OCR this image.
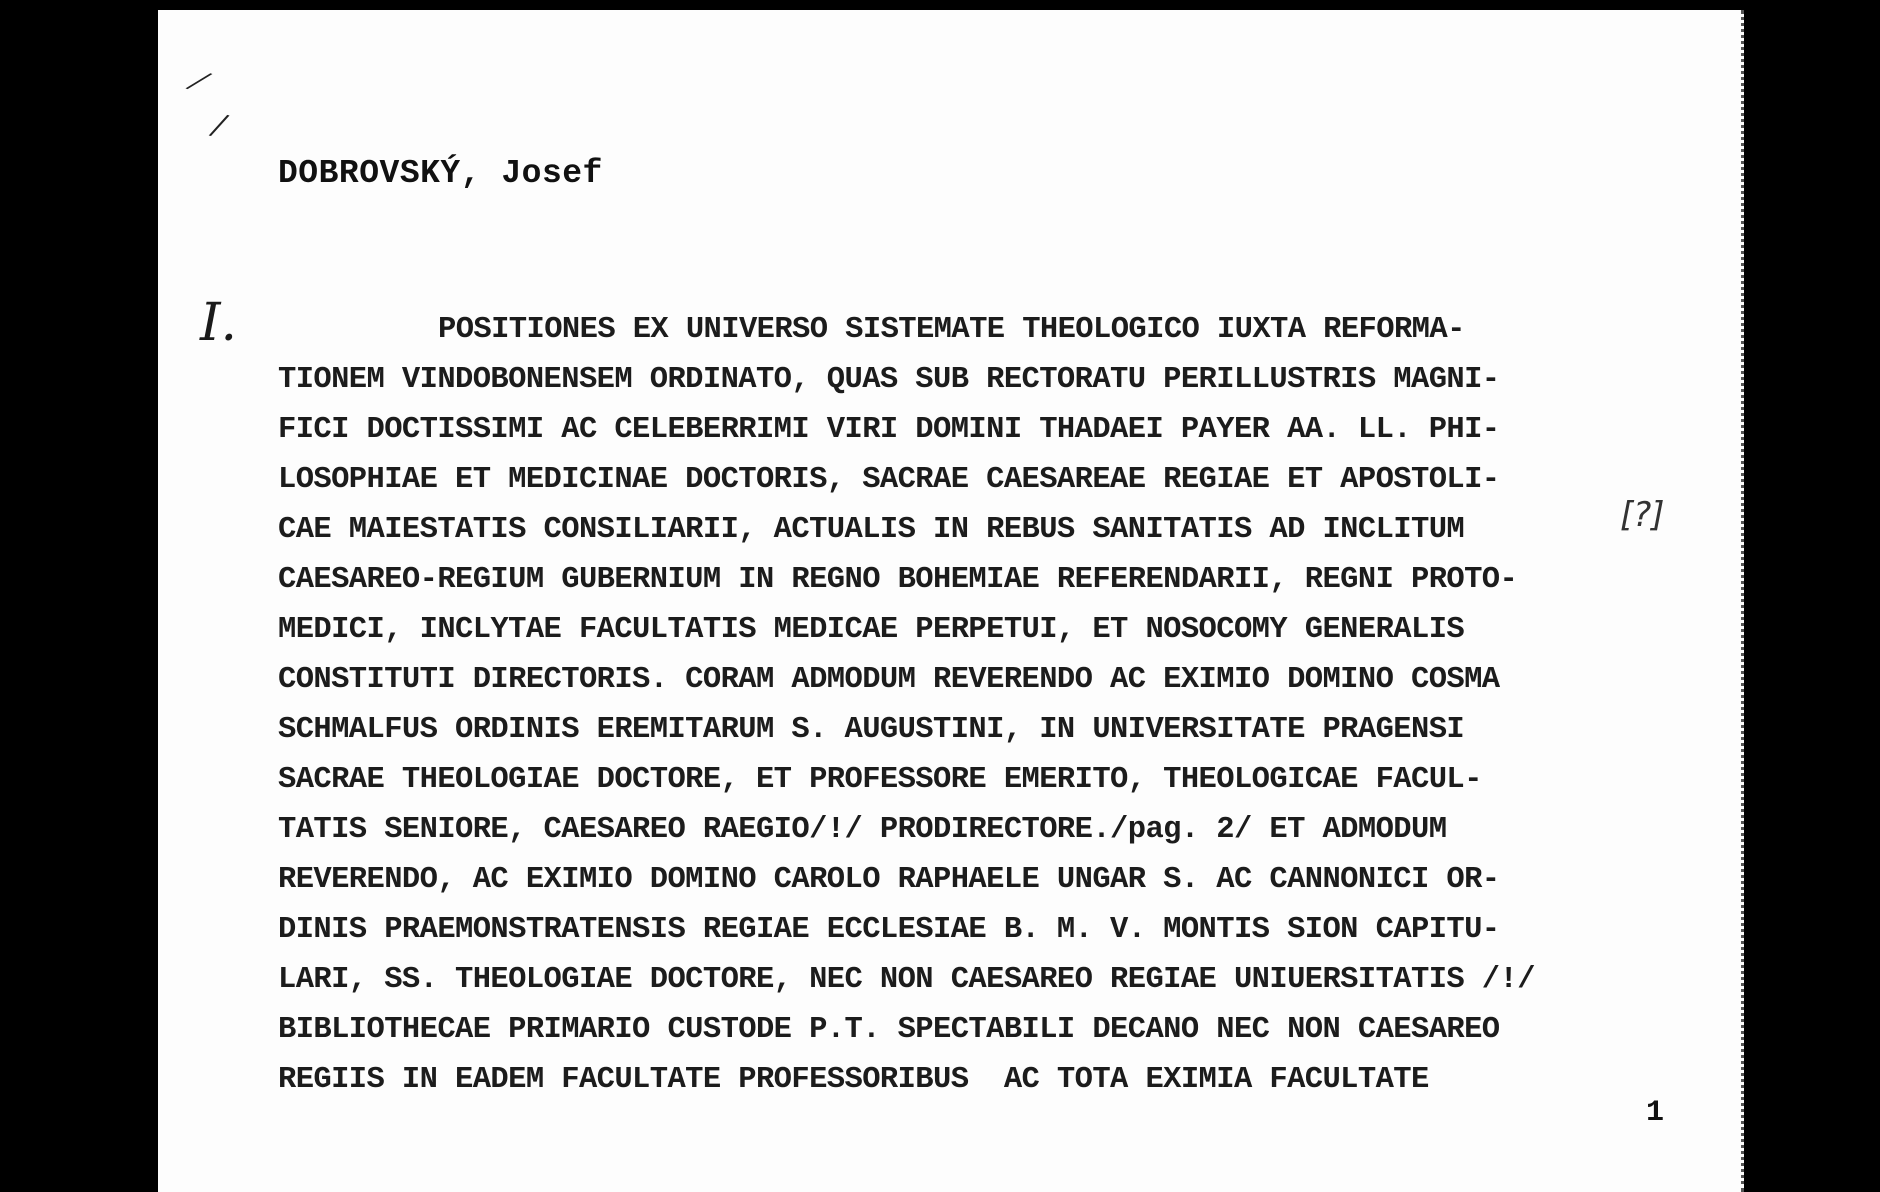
⁄
/
DOBROVSKÝ, Josef
I.	POSITIONES EX UNIVERSO SISTEMATE THEOLOGICO IUXTA REFORMA-
TIONEM VINDOBONENSEM ORDINATO, QUAS SUB RECTORATU PERILLUSTRIS MAGNI-
FICI DOCTISSIMI AC CELEBERRIMI VIRI DOMINI THADAEI PAYER AA. LL. PHI-
LOSOPHIAE ET MEDICINAE DOCTORIS, SACRAE CAESAREAE REGIAE ET APOSTOLI-
CAE MAIESTATIS CONSILIARII, ACTUALIS IN REBUS SANITATIS AD INCLITUM
CAESAREO-REGIUM GUBERNIUM IN REGNO BOHEMIAE REFERENDARII, REGNI PROTO-
MEDICI, INCLYTAE FACULTATIS MEDICAE PERPETUI, ET NOSOCOMY GENERALIS
CONSTITUTI DIRECTORIS. CORAM ADMODUM REVERENDO AC EXIMIO DOMINO COSMA
SCHMALFUS ORDINIS EREMITARUM S. AUGUSTINI, IN UNIVERSITATE PRAGENSI
SACRAE THEOLOGIAE DOCTORE, ET PROFESSORE EMERITO, THEOLOGICAE FACUL-
TATIS SENIORE, CAESAREO RAEGIO/!/ PRODIRECTORE./pag. 2/ ET ADMODUM
REVERENDO, AC EXIMIO DOMINO CAROLO RAPHAELE UNGAR S. AC CANNONICI OR-
DINIS PRAEMONSTRATENSIS REGIAE ECCLESIAE B. M. V. MONTIS SION CAPITU-
LARI, SS. THEOLOGIAE DOCTORE, NEC NON CAESAREO REGIAE UNIUERSITATIS /!/
BIBLIOTHECAE PRIMARIO CUSTODE P.T. SPECTABILI DECANO NEC NON CAESAREO
REGIIS IN EADEM FACULTATE PROFESSORIBUS  AC TOTA EXIMIA FACULTATE
[?]
1
